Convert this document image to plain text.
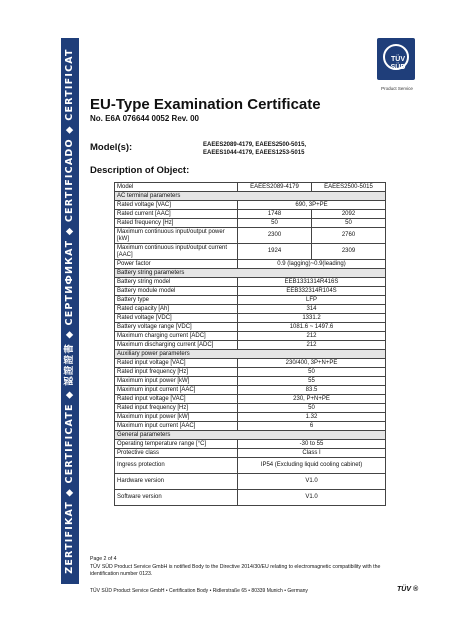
ZERTIFIKAT ◆ CERTIFICATE ◆ 認證證書 ◆ СЕРТИФИКАТ ◆ CERTIFICADO ◆ CERTIFICAT	TÜV
SÜD
Product Service
EU-Type Examination Certificate
No. E6A 076644 0052 Rev. 00
Model(s):	EAEES2089-4179, EAEES2500-5015,
EAEES1044-4179, EAEES1253-5015
Description of Object:
Model	EAEES2089-4179	EAEES2500-5015
AC terminal parameters		
Rated voltage [VAC]	690, 3P+PE	
Rated current [AAC]	1748	2092
Rated frequency [Hz]	50	50
Maximum continuous input/output power [kW]	2300	2760
Maximum continuous input/output current [AAC]	1924	2309
Power factor	0.9 (lagging)~0.9(leading)	
Battery string parameters		
Battery string model	EEB1331314R416S	
Battery module model	EEB332314R104S	
Battery type	LFP	
Rated capacity [Ah]	314	
Rated voltage [VDC]	1331.2	
Battery voltage range [VDC]	1081.6 ~ 1497.6	
Maximum charging current [ADC]	212	
Maximum discharging current [ADC]	212	
Auxiliary power parameters		
Rated input voltage [VAC]	230/400, 3P+N+PE	
Rated input frequency [Hz]	50	
Maximum input power [kW]	55	
Maximum input current [AAC]	83.5	
Rated input voltage [VAC]	230, P+N+PE	
Rated input frequency [Hz]	50	
Maximum input power [kW]	1.32	
Maximum input current [AAC]	6	
General parameters		
Operating temperature range [°C]	-30 to 55	
Protective class	Class I	
Ingress protection	IP54 (Excluding liquid cooling cabinet)	
Hardware version	V1.0	
Software version	V1.0	
Page 2 of 4
TÜV SÜD Product Service GmbH is notified Body to the Directive 2014/30/EU relating to electromagnetic compatibility with the identification number 0123.
TÜV SÜD Product Service GmbH • Certification Body • Ridlerstraße 65 • 80339 Munich • Germany	TÜV ®
